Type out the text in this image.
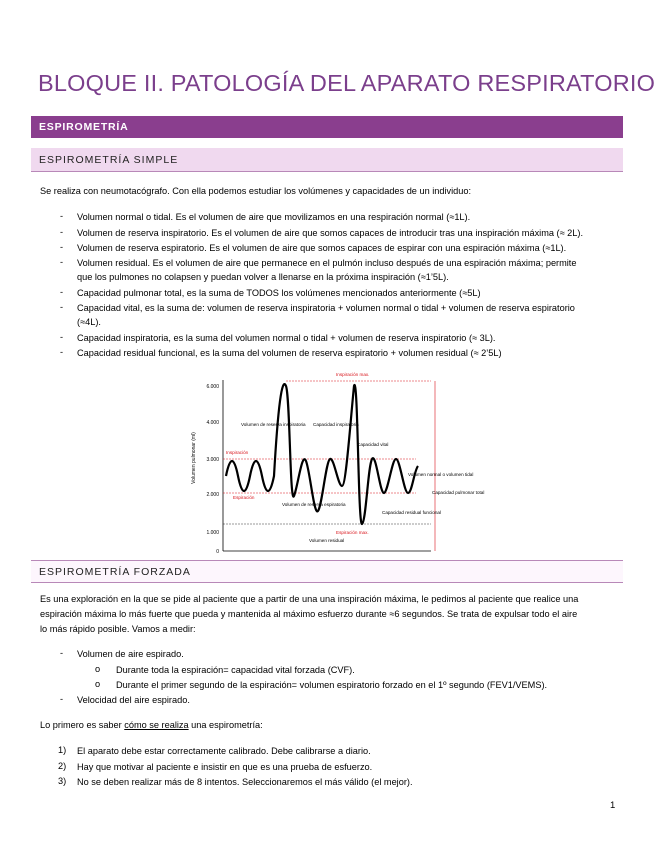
BLOQUE II. PATOLOGÍA DEL APARATO RESPIRATORIO
ESPIROMETRÍA
ESPIROMETRÍA SIMPLE
Se realiza con neumotacógrafo. Con ella podemos estudiar los volúmenes y capacidades de un individuo:
- Volumen normal o tidal. Es el volumen de aire que movilizamos en una respiración normal (≈1L).
- Volumen de reserva inspiratorio. Es el volumen de aire que somos capaces de introducir tras una inspiración máxima (≈ 2L).
- Volumen de reserva espiratorio. Es el volumen de aire que somos capaces de espirar con una espiración máxima (≈1L).
- Volumen residual. Es el volumen de aire que permanece en el pulmón incluso después de una espiración máxima; permite
que los pulmones no colapsen y puedan volver a llenarse en la próxima inspiración (≈1’5L).
- Capacidad pulmonar total, es la suma de TODOS los volúmenes mencionados anteriormente (≈5L)
- Capacidad vital, es la suma de: volumen de reserva inspiratoria + volumen normal o tidal + volumen de reserva espiratorio
(≈4L).
- Capacidad inspiratoria, es la suma del volumen normal o tidal + volumen de reserva inspiratorio (≈ 3L).
- Capacidad residual funcional, es la suma del volumen de reserva espiratorio + volumen residual (≈ 2’5L)
Volumen pulmonar (ml)
6.000
4.000
3.000
2.000
1.000
0
Inspiración max.
Inspiración
Espiración
Espiración max.
Volumen de reserva inspiratoria
Volumen de reserva espiratoria
Capacidad inspiratoria
Capacidad vital
Volumen normal o volumen tidal
Capacidad pulmonar total
Capacidad residual funcional
Volumen residual
ESPIROMETRÍA FORZADA
Es una exploración en la que se pide al paciente que a partir de una una inspiración máxima, le pedimos al paciente que realice una
espiración máxima lo más fuerte que pueda y mantenida al máximo esfuerzo durante ≈6 segundos. Se trata de expulsar todo el aire
lo más rápido posible. Vamos a medir:
- Volumen de aire espirado.
o Durante toda la espiración= capacidad vital forzada (CVF).
o Durante el primer segundo de la espiración= volumen espiratorio forzado en el 1º segundo (FEV1/VEMS).
- Velocidad del aire espirado.
Lo primero es saber cómo se realiza una espirometría:
1) El aparato debe estar correctamente calibrado. Debe calibrarse a diario.
2) Hay que motivar al paciente e insistir en que es una prueba de esfuerzo.
3) No se deben realizar más de 8 intentos. Seleccionaremos el más válido (el mejor).
1
